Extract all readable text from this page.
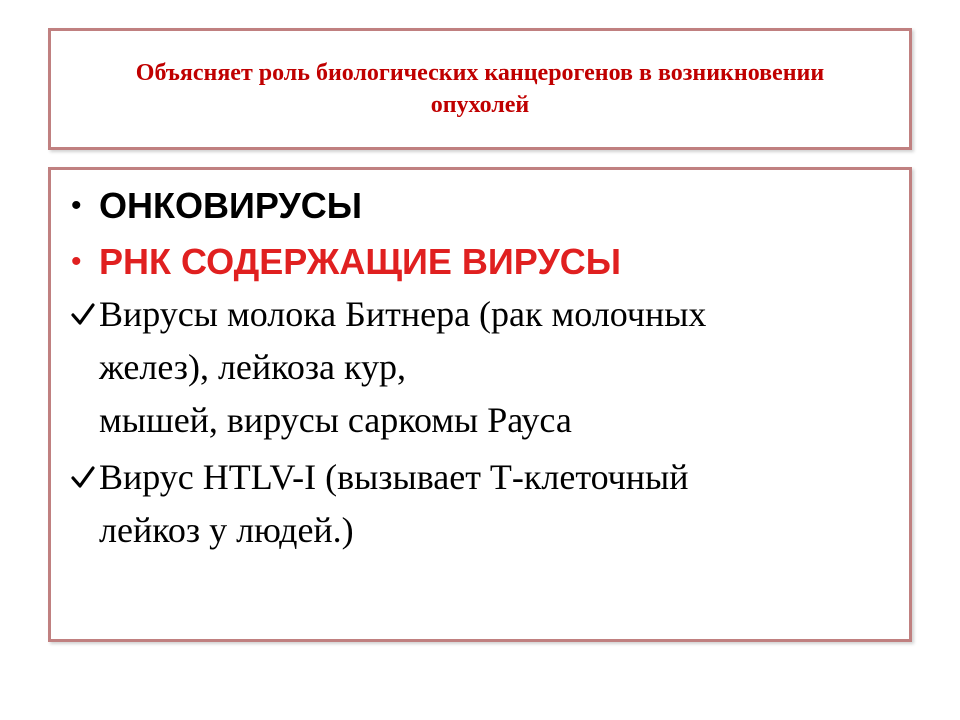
Объясняет роль биологических канцерогенов в возникновении опухолей

• ОНКОВИРУСЫ
• РНК СОДЕРЖАЩИЕ ВИРУСЫ
Вирусы молока Битнера (рак молочных
желез), лейкоза кур,
мышей, вирусы саркомы Рауса
Вирус HTLV-I (вызывает Т-клеточный
лейкоз у людей.)
